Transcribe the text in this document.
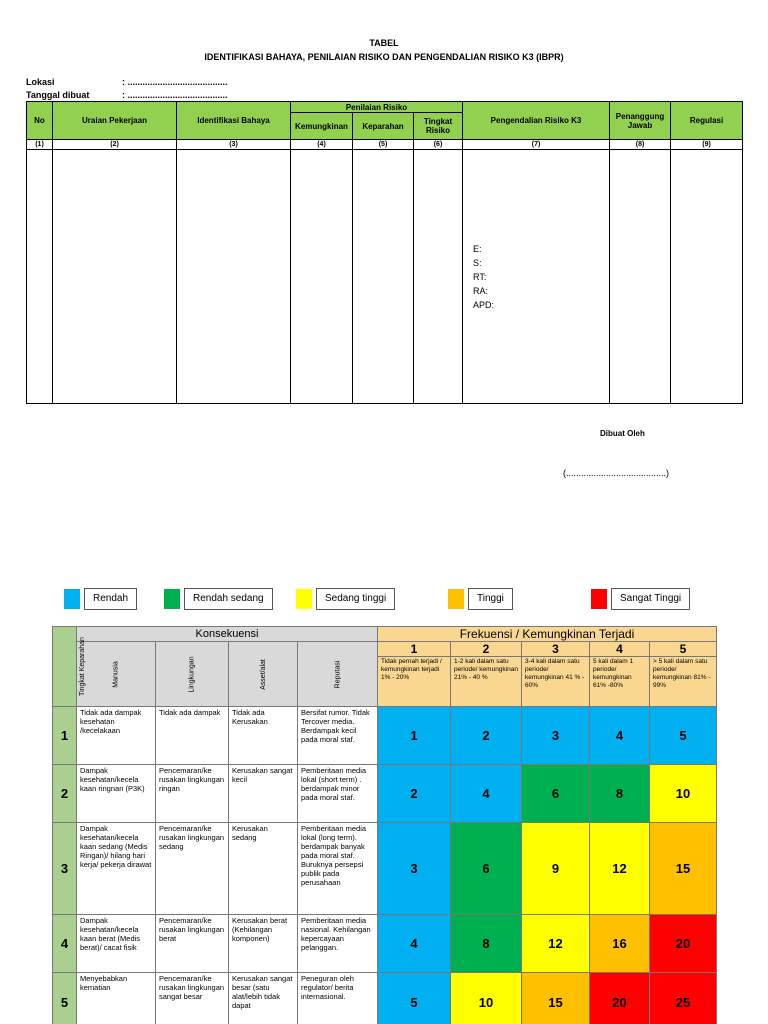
TABEL
IDENTIFIKASI BAHAYA, PENILAIAN RISIKO DAN PENGENDALIAN RISIKO K3 (IBPR)
Lokasi	: ........................................
Tanggal dibuat	: ........................................
No	Uraian Pekerjaan	Identifikasi Bahaya	Penilaian Risiko			Pengendalian Risiko K3	Penanggung Jawab	Regulasi
			Kemungkinan	Keparahan	Tingkat Risiko			
(1)	(2)	(3)	(4)	(5)	(6)	(7)	(8)	(9)

						E:
S:
RT:
RA:
APD:		

Dibuat Oleh
(........................................)
Rendah	Rendah sedang	Sedang tinggi	Tinggi	Sangat Tinggi
Tingkat Keparahan	Konsekuensi				Frekuensi / Kemungkinan Terjadi				
	Manusia	Lingkungan	Asset/alat	Reputasi	1	2	3	4	5
					Tidak pernah terjadi / kemungkinan terjadi 1% - 20%	1-2 kali dalam satu periode/ kemungkinan 21% - 40 %	3-4 kali dalam satu periode/ kemungkinan 41 % - 60%	5 kali dalam 1 periode/ kemungkinan 61% -80%	> 5 kali dalam satu periode/ kemungkinan 81% - 99%
1	Tidak ada dampak kesehatan /kecelakaan	Tidak ada dampak	Tidak ada Kerusakan	Bersifat rumor. Tidak Tercover media. Berdampak kecil pada moral staf.	1	2	3	4	5
2	Dampak kesehatan/kecela kaan ringnan (P3K)	Pencemaran/ke rusakan lingkungan ringan	Kerusakan sangat kecil	Pemberitaan media lokal (short term) . berdampak minor pada moral staf.	2	4	6	8	10
3	Dampak kesehatan/kecela kaan sedang (Medis Ringan)/ hilang hari kerja/ pekerja dirawat	Pencemaran/ke rusakan lingkungan sedang	Kerusakan sedang	Pemberitaan media lokal (long term). berdampak banyak pada moral staf. Buruknya persepsi publik pada perusahaan	3	6	9	12	15
4	Dampak kesehatan/kecela kaan berat (Medis berat)/ cacat fisik	Pencemaran/ke rusakan lingkungan berat	Kerusakan berat (Kehilangan komponen)	Pemberitaan media nasional. Kehilangan kepercayaan pelanggan.	4	8	12	16	20
5	Menyebabkan kematian	Pencemaran/ke rusakan lingkungan sangat besar	Kerusakan sangat besar (satu alat/lebih tidak dapat	Peneguran oleh regulator/ berita internasional.	5	10	15	20	25
